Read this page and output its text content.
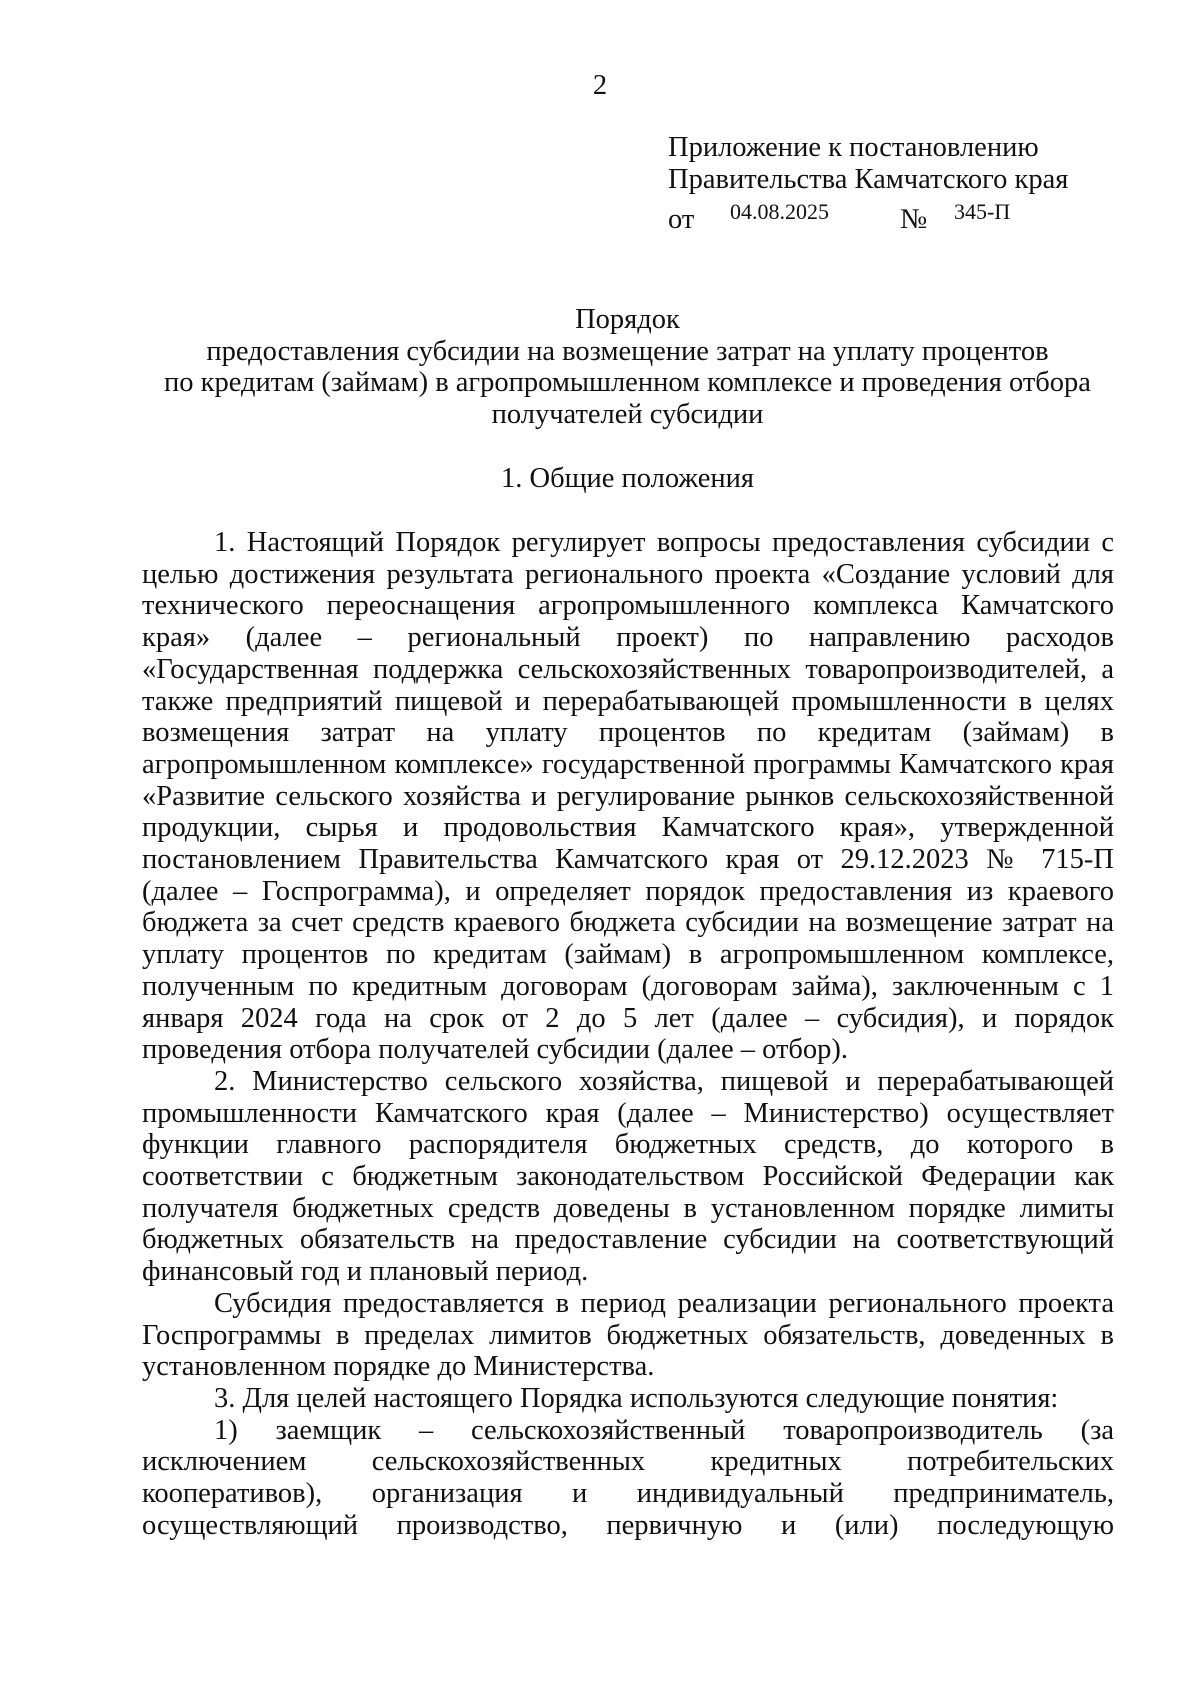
2
Приложение к постановлению
Правительства Камчатского края
от 04.08.2025 № 345-П
Порядок
предоставления субсидии на возмещение затрат на уплату процентов
по кредитам (займам) в агропромышленном комплексе и проведения отбора
получателей субсидии
1. Общие положения

1. Настоящий Порядок регулирует вопросы предоставления субсидии с целью достижения результата регионального проекта «Создание условий для технического переоснащения агропромышленного комплекса Камчатского края» (далее – региональный проект) по направлению расходов «Государственная поддержка сельскохозяйственных товаропроизводителей, а также предприятий пищевой и перерабатывающей промышленности в целях возмещения затрат на уплату процентов по кредитам (займам) в агропромышленном комплексе» государственной программы Камчатского края «Развитие сельского хозяйства и регулирование рынков сельскохозяйственной продукции, сырья и продовольствия Камчатского края», утвержденной постановлением Правительства Камчатского края от 29.12.2023 № 715-П (далее – Госпрограмма), и определяет порядок предоставления из краевого бюджета за счет средств краевого бюджета субсидии на возмещение затрат на уплату процентов по кредитам (займам) в агропромышленном комплексе, полученным по кредитным договорам (договорам займа), заключенным с 1 января 2024 года на срок от 2 до 5 лет (далее – субсидия), и порядок проведения отбора получателей субсидии (далее – отбор).

2. Министерство сельского хозяйства, пищевой и перерабатывающей промышленности Камчатского края (далее – Министерство) осуществляет функции главного распорядителя бюджетных средств, до которого в соответствии с бюджетным законодательством Российской Федерации как получателя бюджетных средств доведены в установленном порядке лимиты бюджетных обязательств на предоставление субсидии на соответствующий финансовый год и плановый период.

Субсидия предоставляется в период реализации регионального проекта Госпрограммы в пределах лимитов бюджетных обязательств, доведенных в установленном порядке до Министерства.

3. Для целей настоящего Порядка используются следующие понятия:

1) заемщик – сельскохозяйственный товаропроизводитель (за исключением сельскохозяйственных кредитных потребительских кооперативов), организация и индивидуальный предприниматель, осуществляющий производство, первичную и (или) последующую
